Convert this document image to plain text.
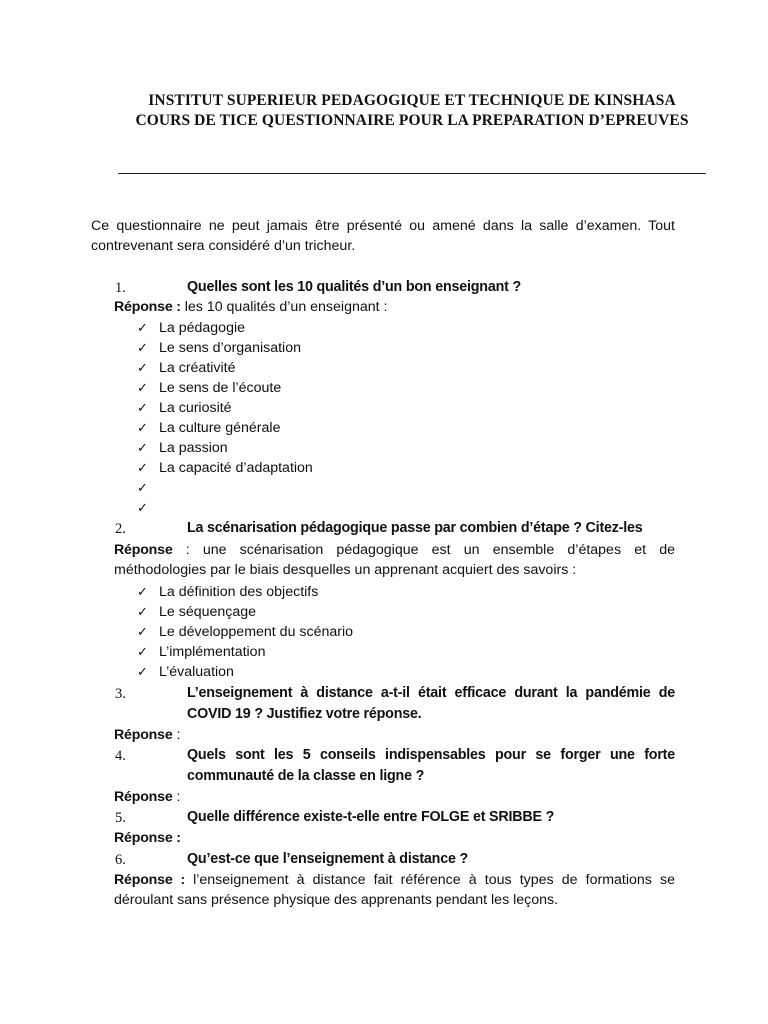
INSTITUT SUPERIEUR PEDAGOGIQUE ET TECHNIQUE DE KINSHASA
COURS DE TICE QUESTIONNAIRE POUR LA PREPARATION D’EPREUVES

Ce questionnaire ne peut jamais être présenté ou amené dans la salle d’examen. Tout contrevenant sera considéré d’un tricheur.

1.	Quelles sont les 10 qualités d’un bon enseignant ?

Réponse : les 10 qualités d’un enseignant :

✓ La pédagogie
✓ Le sens d’organisation
✓ La créativité
✓ Le sens de l’écoute
✓ La curiosité
✓ La culture générale
✓ La passion
✓ La capacité d’adaptation
✓
✓
2.	La scénarisation pédagogique passe par combien d’étape ? Citez-les

Réponse : une scénarisation pédagogique est un ensemble d’étapes et de méthodologies par le biais desquelles un apprenant acquiert des savoirs :

✓ La définition des objectifs
✓ Le séquençage
✓ Le développement du scénario
✓ L’implémentation
✓ L’évaluation
3.	L’enseignement à distance a-t-il était efficace durant la pandémie de COVID 19 ? Justifiez votre réponse.

Réponse :

4.	Quels sont les 5 conseils indispensables pour se forger une forte communauté de la classe en ligne ?

Réponse :

5.	Quelle différence existe-t-elle entre FOLGE et SRIBBE ?

Réponse :

6.	Qu’est-ce que l’enseignement à distance ?

Réponse : l’enseignement à distance fait référence à tous types de formations se déroulant sans présence physique des apprenants pendant les leçons.
